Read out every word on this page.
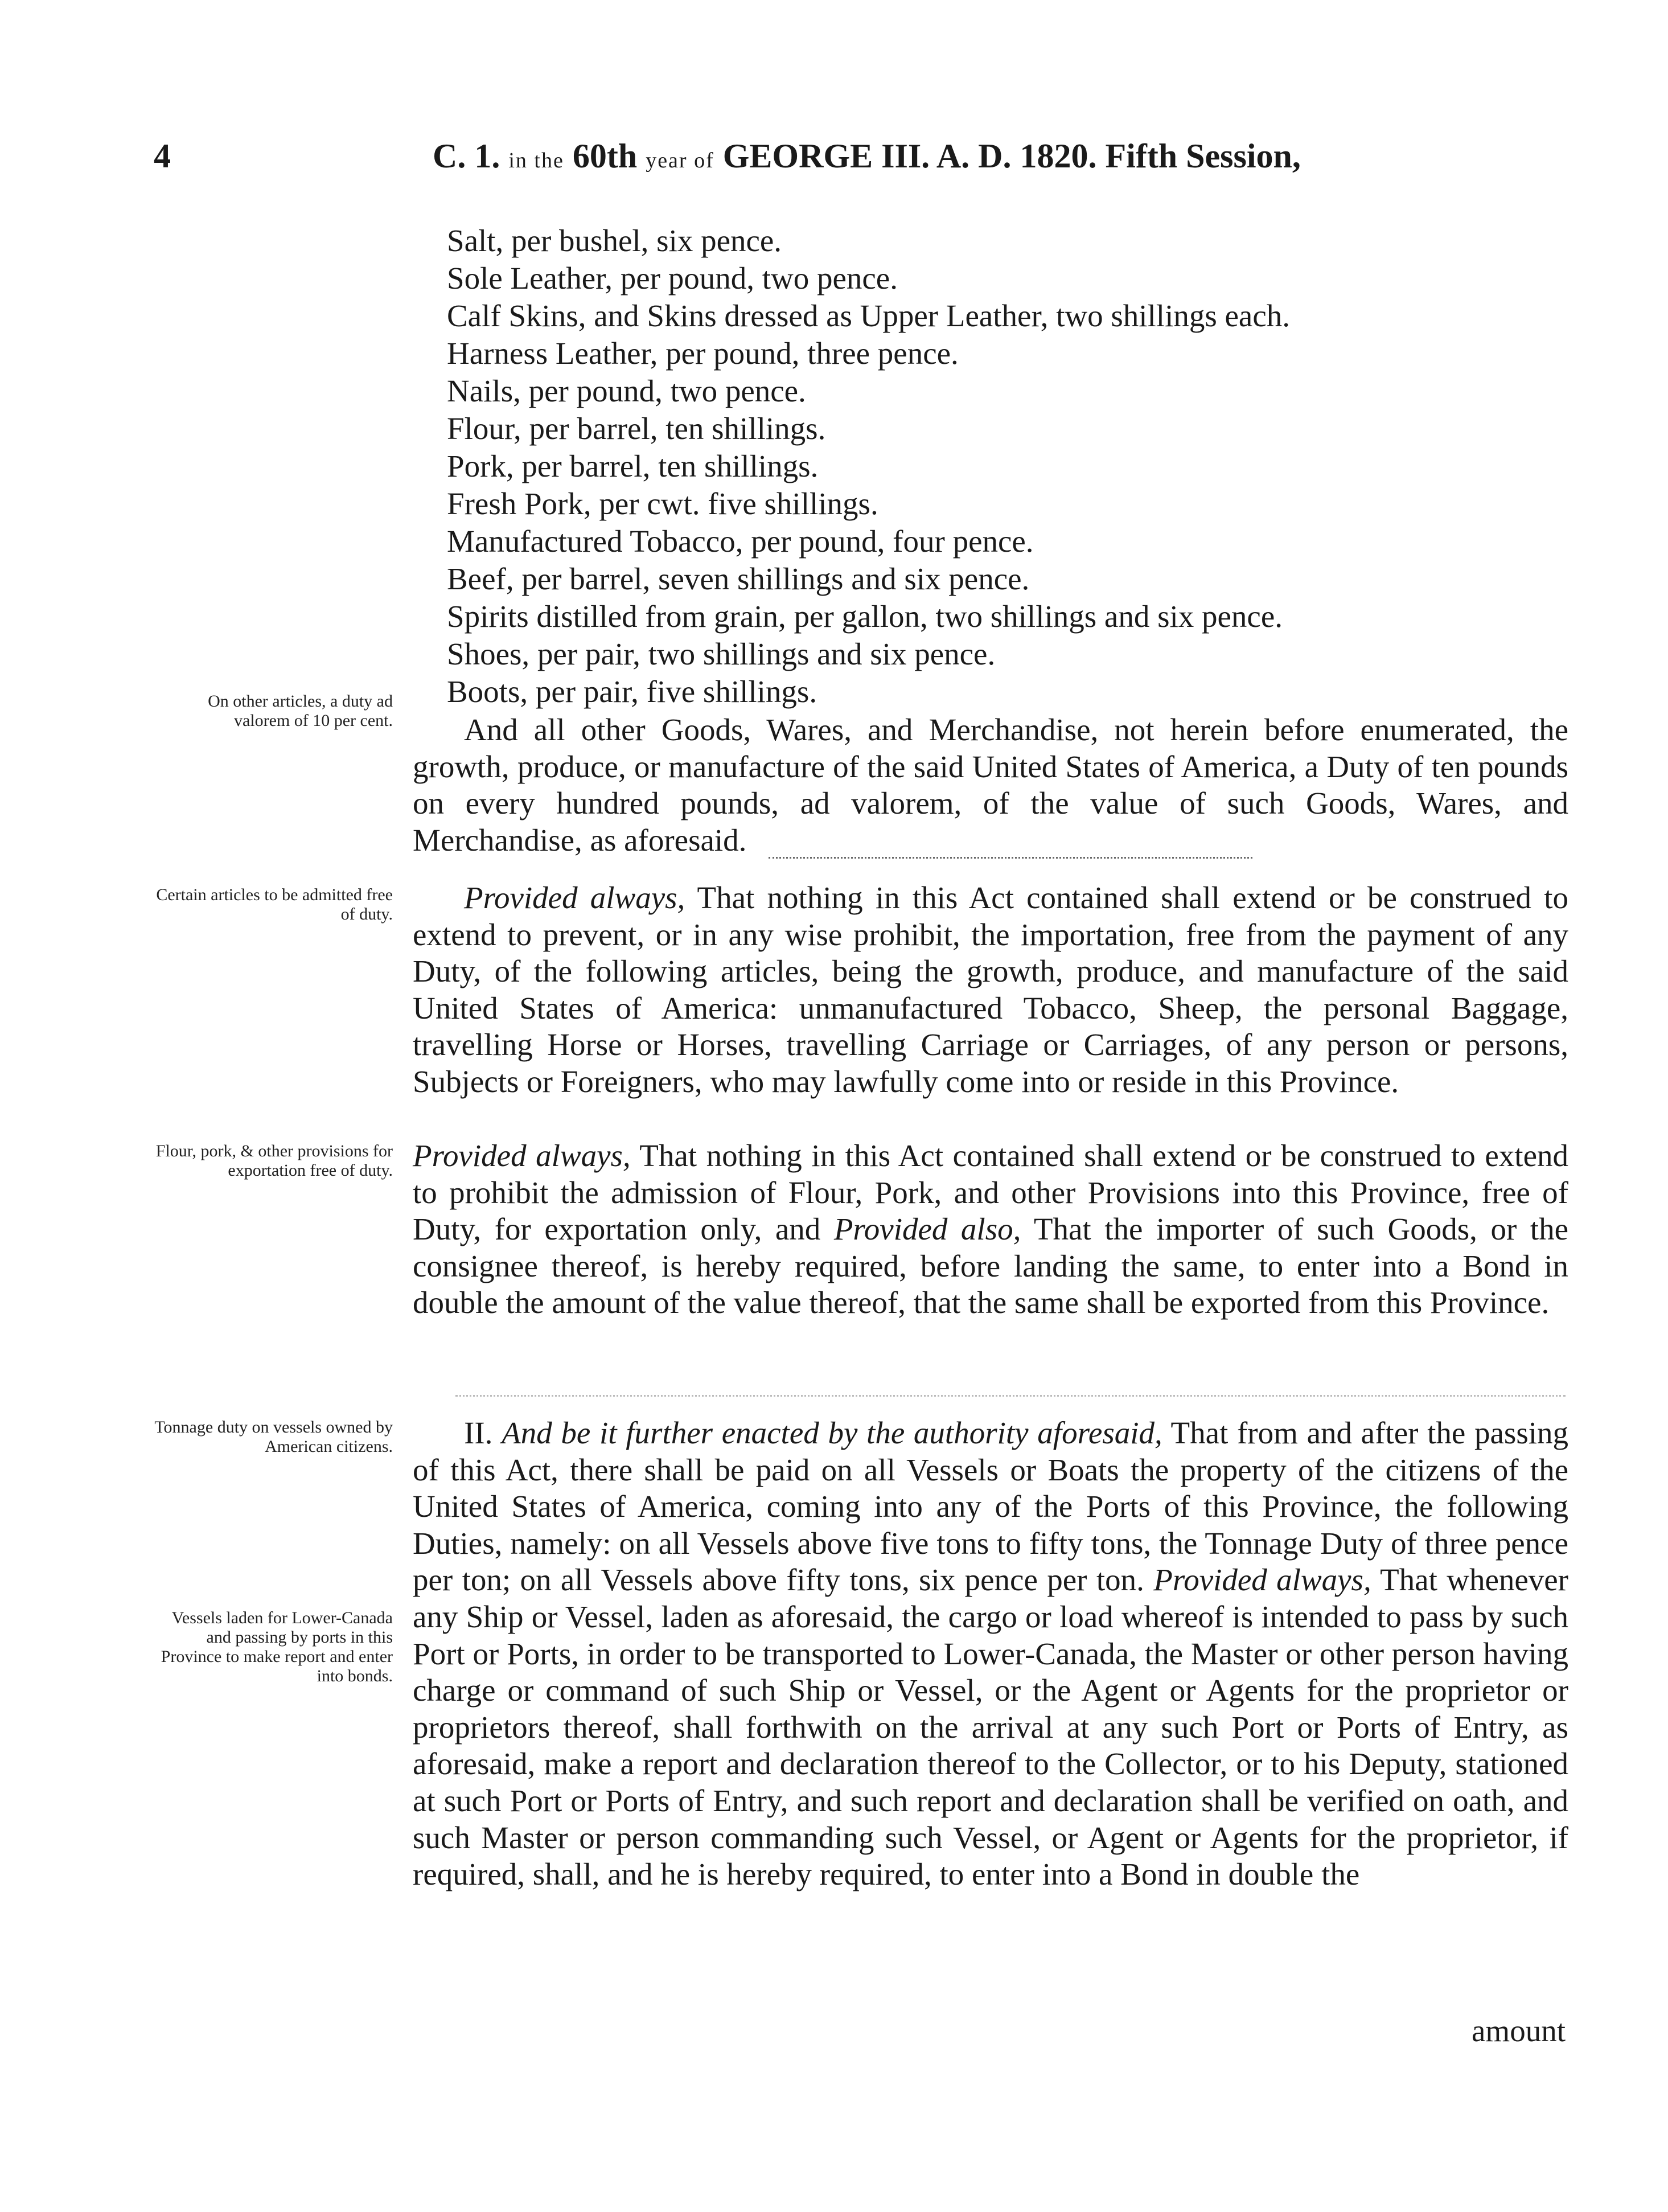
4	C. 1. in the 60th year of GEORGE III. A. D. 1820. Fifth Session,
Salt, per bushel, six pence.
Sole Leather, per pound, two pence.
Calf Skins, and Skins dressed as Upper Leather, two shillings each.
Harness Leather, per pound, three pence.
Nails, per pound, two pence.
Flour, per barrel, ten shillings.
Pork, per barrel, ten shillings.
Fresh Pork, per cwt. five shillings.
Manufactured Tobacco, per pound, four pence.
Beef, per barrel, seven shillings and six pence.
Spirits distilled from grain, per gallon, two shillings and six pence.
Shoes, per pair, two shillings and six pence.
Boots, per pair, five shillings.
And all other Goods, Wares, and Merchandise, not herein before enumerated, the growth, produce, or manufacture of the said United States of America, a Duty of ten pounds on every hundred pounds, ad valorem, of the value of such Goods, Wares, and Merchandise, as aforesaid.
Provided always, That nothing in this Act contained shall extend or be construed to extend to prevent, or in any wise prohibit, the importation, free from the payment of any Duty, of the following articles, being the growth, produce, and manufacture of the said United States of America: unmanufactured Tobacco, Sheep, the personal Baggage, travelling Horse or Horses, travelling Carriage or Carriages, of any person or persons, Subjects or Foreigners, who may lawfully come into or reside in this Province.
Provided always, That nothing in this Act contained shall extend or be construed to extend to prohibit the admission of Flour, Pork, and other Provisions into this Province, free of Duty, for exportation only, and Provided also, That the importer of such Goods, or the consignee thereof, is hereby required, before landing the same, to enter into a Bond in double the amount of the value thereof, that the same shall be exported from this Province.
II. And be it further enacted by the authority aforesaid, That from and after the passing of this Act, there shall be paid on all Vessels or Boats the property of the citizens of the United States of America, coming into any of the Ports of this Province, the following Duties, namely: on all Vessels above five tons to fifty tons, the Tonnage Duty of three pence per ton; on all Vessels above fifty tons, six pence per ton. Provided always, That whenever any Ship or Vessel, laden as aforesaid, the cargo or load whereof is intended to pass by such Port or Ports, in order to be transported to Lower-Canada, the Master or other person having charge or command of such Ship or Vessel, or the Agent or Agents for the proprietor or proprietors thereof, shall forthwith on the arrival at any such Port or Ports of Entry, as aforesaid, make a report and declaration thereof to the Collector, or to his Deputy, stationed at such Port or Ports of Entry, and such report and declaration shall be verified on oath, and such Master or person commanding such Vessel, or Agent or Agents for the proprietor, if required, shall, and he is hereby required, to enter into a Bond in double the
On other articles, a duty ad valorem of 10 per cent.
Certain articles to be admitted free of duty.
Flour, pork, & other provisions for exportation free of duty.
Tonnage duty on vessels owned by American citizens.
Vessels laden for Lower-Canada and passing by ports in this Province to make report and enter into bonds.
amount
